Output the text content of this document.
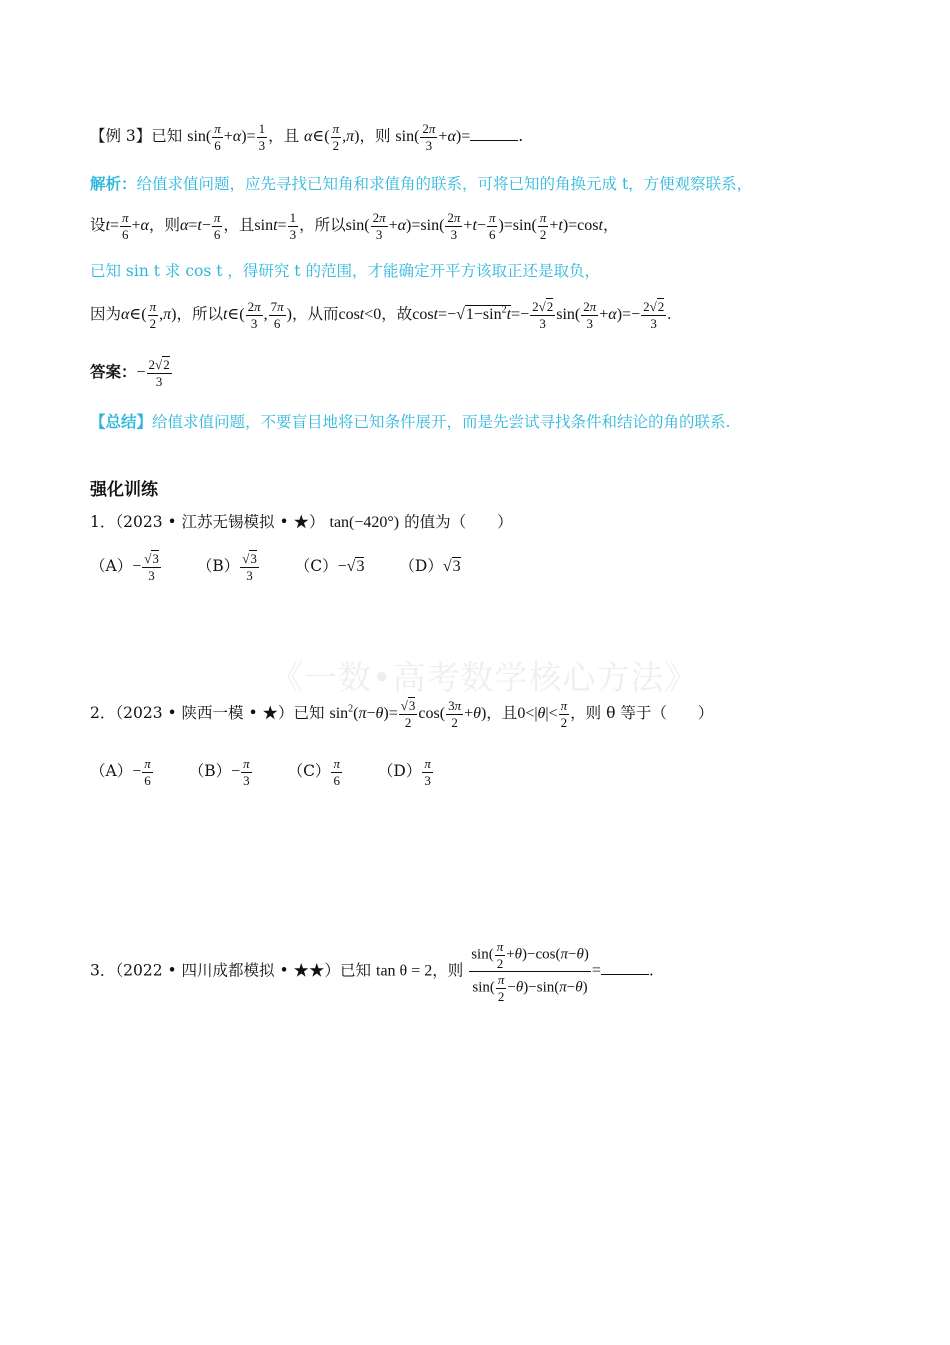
《一数•高考数学核心方法》
【例 3】已知 $\sin( \frac{\pi}{6} +\alpha)= \frac{1}{3}$ ，且 α∈( $\frac{\pi}{2} ,\pi$)，则 $\sin( \frac{2\pi}{3} +\alpha)=$	.
解析：给值求值问题，应先寻找已知角和求值角的联系，可将已知的角换元成 t，方便观察联系，
设$t= \frac{\pi}{6} +\alpha$，则$\alpha=t- \frac{\pi}{6}$ ，且$\sin t= \frac{1}{3}$ ，所以$\sin( \frac{2\pi}{3} +\alpha)=\sin( \frac{2\pi}{3} +t- \frac{\pi}{6} )=\sin( \frac{\pi}{2} +t)=\cos t$，
已知 sin t 求 cos t ，得研究 t 的范围，才能确定开平方该取正还是取负，
因为α∈( $\frac{\pi}{2} ,\pi$)，所以t∈( $\frac{2\pi}{3}$ , $\frac{7\pi}{6}$ )，从而cost<0，故$\cos t=-√1-\sin^2t=- \frac{2√2}{3} \sin( \frac{2\pi}{3} +\alpha)=- \frac{2√2}{3}$ .
答案：− $\frac{2√2}{3}$
【总结】给值求值问题，不要盲目地将已知条件展开，而是先尝试寻找条件和结论的角的联系.
强化训练
1．（2023 • 江苏无锡模拟 • ★） tan(−420°) 的值为（　　）
$(A)- \frac{√3}{3} (B) \frac{√3}{3} (C)-√3$ （D）√3
2．（2023 • 陕西一模 • ★）已知 $\sin^2(\pi-\theta)= \frac{√3}{2} \cos( \frac{3\pi}{2} +\theta)$，且$0<|\theta|< \frac{\pi}{2}$ ，则 θ 等于（　　）
$(A)- \frac{\pi}{6} (B)- \frac{\pi}{3} (C) \frac{\pi}{6} (D) \frac{\pi}{3}$
3．（2022 • 四川成都模拟 • ★★）已知 tan θ = 2，则 $\frac{\sin( \frac{\pi}{2} +\theta)-\cos(\pi-\theta)}{\sin( \frac{\pi}{2} -\theta)-\sin(\pi-\theta)}$ =	.
